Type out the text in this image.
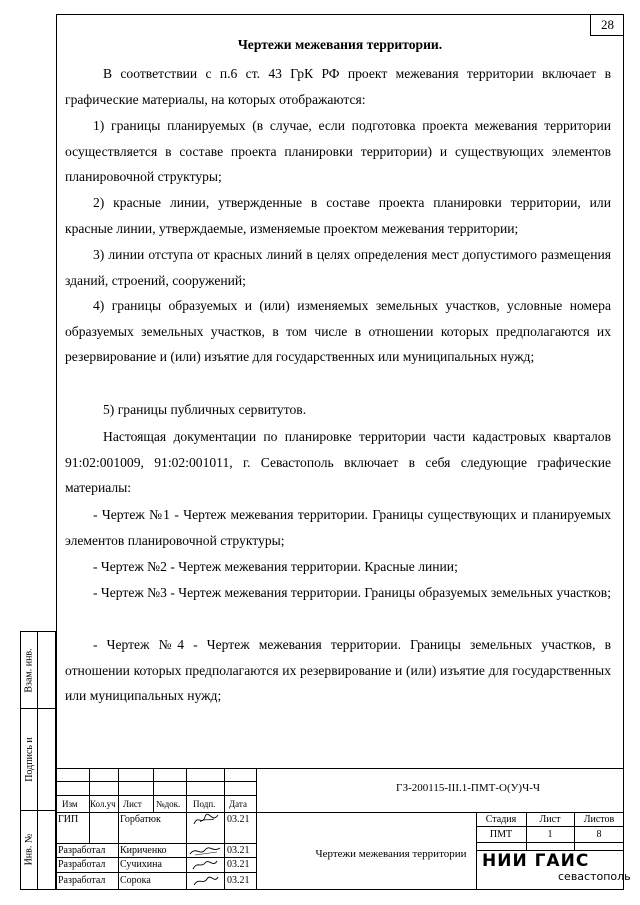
28
Чертежи межевания территории.

В соответствии с п.6 ст. 43 ГрК РФ проект межевания территории включает в графические материалы, на которых отображаются:

1) границы планируемых (в случае, если подготовка проекта межевания территории осуществляется в составе проекта планировки территории) и существующих элементов планировочной структуры;

2) красные линии, утвержденные в составе проекта планировки территории, или красные линии, утверждаемые, изменяемые проектом межевания территории;

3) линии отступа от красных линий в целях определения мест допустимого размещения зданий, строений, сооружений;

4) границы образуемых и (или) изменяемых земельных участков, условные номера образуемых земельных участков, в том числе в отношении которых предполагаются их резервирование и (или) изъятие для государственных или муниципальных нужд;

5) границы публичных сервитутов.

Настоящая документации по планировке территории части кадастровых кварталов 91:02:001009, 91:02:001011, г. Севастополь включает в себя следующие графические материалы:

- Чертеж №1 - Чертеж межевания территории. Границы существующих и планируемых элементов планировочной структуры;

- Чертеж №2 - Чертеж межевания территории. Красные линии;

- Чертеж №3 - Чертеж межевания территории. Границы образуемых земельных участков;

- Чертеж №4 - Чертеж межевания территории. Границы земельных участков, в отношении которых предполагаются их резервирование и (или) изъятие для государственных или муниципальных нужд;

Взам. инв.
Подпись и
Инв. №
ГЗ-200115-III.1-ПМТ-О(У)Ч-Ч
Изм Кол.уч Лист №док. Подп. Дата
ГИП	Горбатюк	03.21
Разработал Кириченко	03.21
Разработал Сучихина	03.21
Разработал Сорока	03.21
Чертежи межевания территории
Стадия	Лист	Листов
ПМТ	1	8
НИИ ГАИС
севастополь
